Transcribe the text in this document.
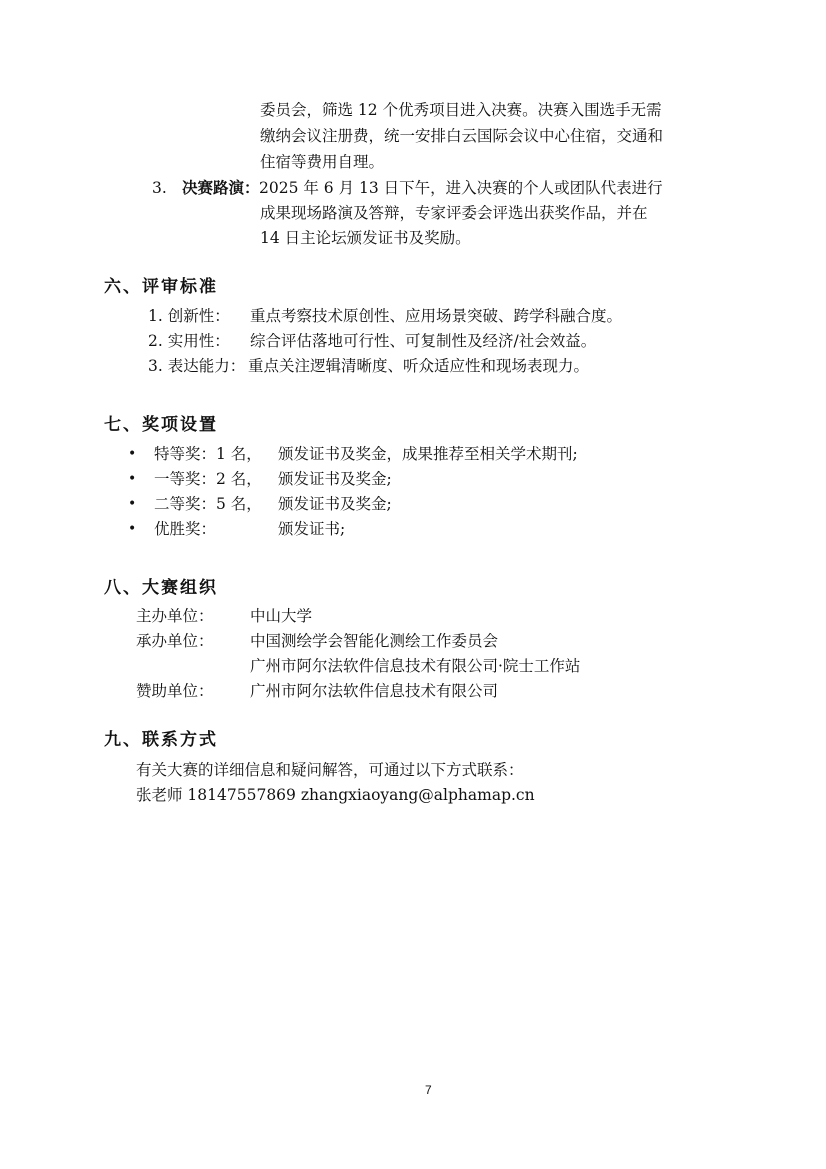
委员会，筛选 12 个优秀项目进入决赛。决赛入围选手无需
缴纳会议注册费，统一安排白云国际会议中心住宿，交通和
住宿等费用自理。
3. 决赛路演： 2025 年 6 月 13 日下午，进入决赛的个人或团队代表进行
成果现场路演及答辩，专家评委会评选出获奖作品，并在
14 日主论坛颁发证书及奖励。
六、评审标准
1. 创新性： 重点考察技术原创性、应用场景突破、跨学科融合度。
2. 实用性： 综合评估落地可行性、可复制性及经济/社会效益。
3. 表达能力： 重点关注逻辑清晰度、听众适应性和现场表现力。
七、奖项设置
• 特等奖：1 名， 颁发证书及奖金，成果推荐至相关学术期刊;
• 一等奖：2 名， 颁发证书及奖金;
• 二等奖：5 名， 颁发证书及奖金;
• 优胜奖：	颁发证书;
八、大赛组织
主办单位： 中山大学
承办单位： 中国测绘学会智能化测绘工作委员会
广州市阿尔法软件信息技术有限公司·院士工作站
赞助单位： 广州市阿尔法软件信息技术有限公司
九、联系方式
有关大赛的详细信息和疑问解答，可通过以下方式联系：
张老师 18147557869 zhangxiaoyang@alphamap.cn
7
